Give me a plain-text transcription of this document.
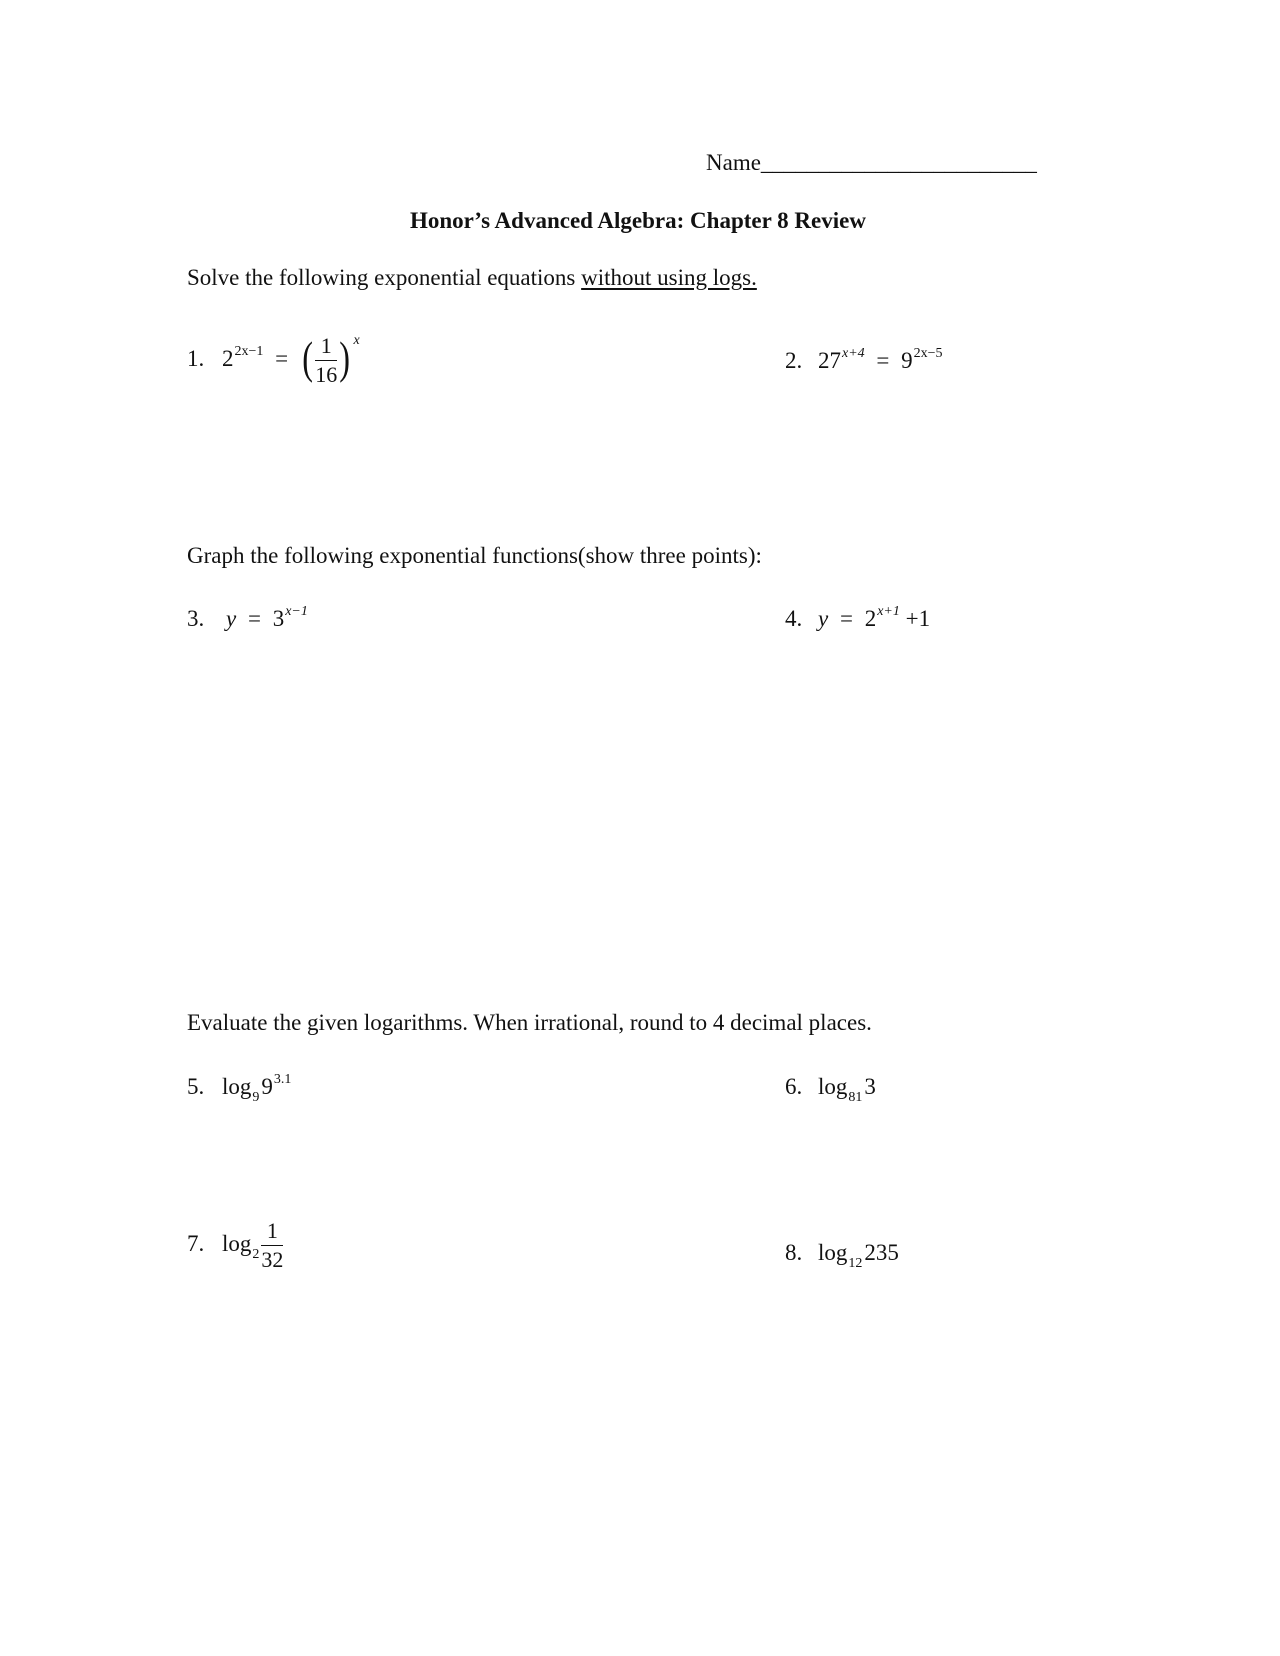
Name________________________
Honor’s Advanced Algebra: Chapter 8 Review
Solve the following exponential equations without using logs.
1. $2^{2x-1}$ = ( $\frac{1}{16}$ ) $^x$
2. $27^{x+4} = 9^{2x-5}$
Graph the following exponential functions(show three points):
3. $y = 3^{x-1}$	4. $y = 2^{x+1} +1$
Evaluate the given logarithms. When irrational, round to 4 decimal places.
5. $\log_99^{3.1}$	6. $\log_{81}3$
7. $\log_2 \frac{1}{32}$	8. $\log_{12}235$
